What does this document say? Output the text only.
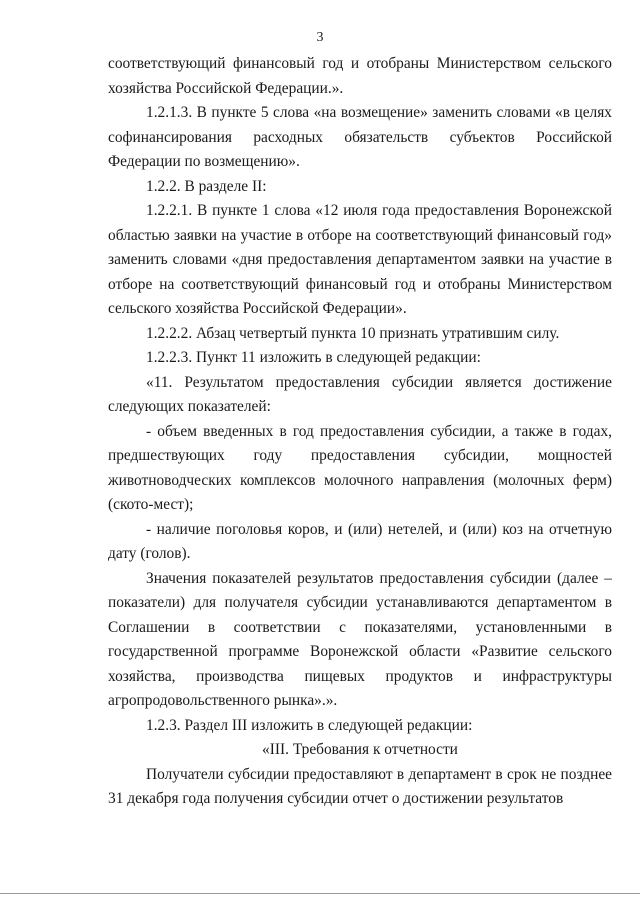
3

соответствующий финансовый год и отобраны Министерством сельского хозяйства Российской Федерации.».

1.2.1.3. В пункте 5 слова «на возмещение» заменить словами «в целях софинансирования расходных обязательств субъектов Российской Федерации по возмещению».

1.2.2. В разделе II:

1.2.2.1. В пункте 1 слова «12 июля года предоставления Воронежской областью заявки на участие в отборе на соответствующий финансовый год» заменить словами «дня предоставления департаментом заявки на участие в отборе на соответствующий финансовый год и отобраны Министерством сельского хозяйства Российской Федерации».

1.2.2.2. Абзац четвертый пункта 10 признать утратившим силу.

1.2.2.3. Пункт 11 изложить в следующей редакции:

«11. Результатом предоставления субсидии является достижение следующих показателей:

- объем введенных в год предоставления субсидии, а также в годах, предшествующих году предоставления субсидии, мощностей животноводческих комплексов молочного направления (молочных ферм) (ското-мест);

- наличие поголовья коров, и (или) нетелей, и (или) коз на отчетную дату (голов).

Значения показателей результатов предоставления субсидии (далее – показатели) для получателя субсидии устанавливаются департаментом в Соглашении в соответствии с показателями, установленными в государственной программе Воронежской области «Развитие сельского хозяйства, производства пищевых продуктов и инфраструктуры агропродовольственного рынка».».

1.2.3. Раздел III изложить в следующей редакции:

«III. Требования к отчетности

Получатели субсидии предоставляют в департамент в срок не позднее 31 декабря года получения субсидии отчет о достижении результатов
